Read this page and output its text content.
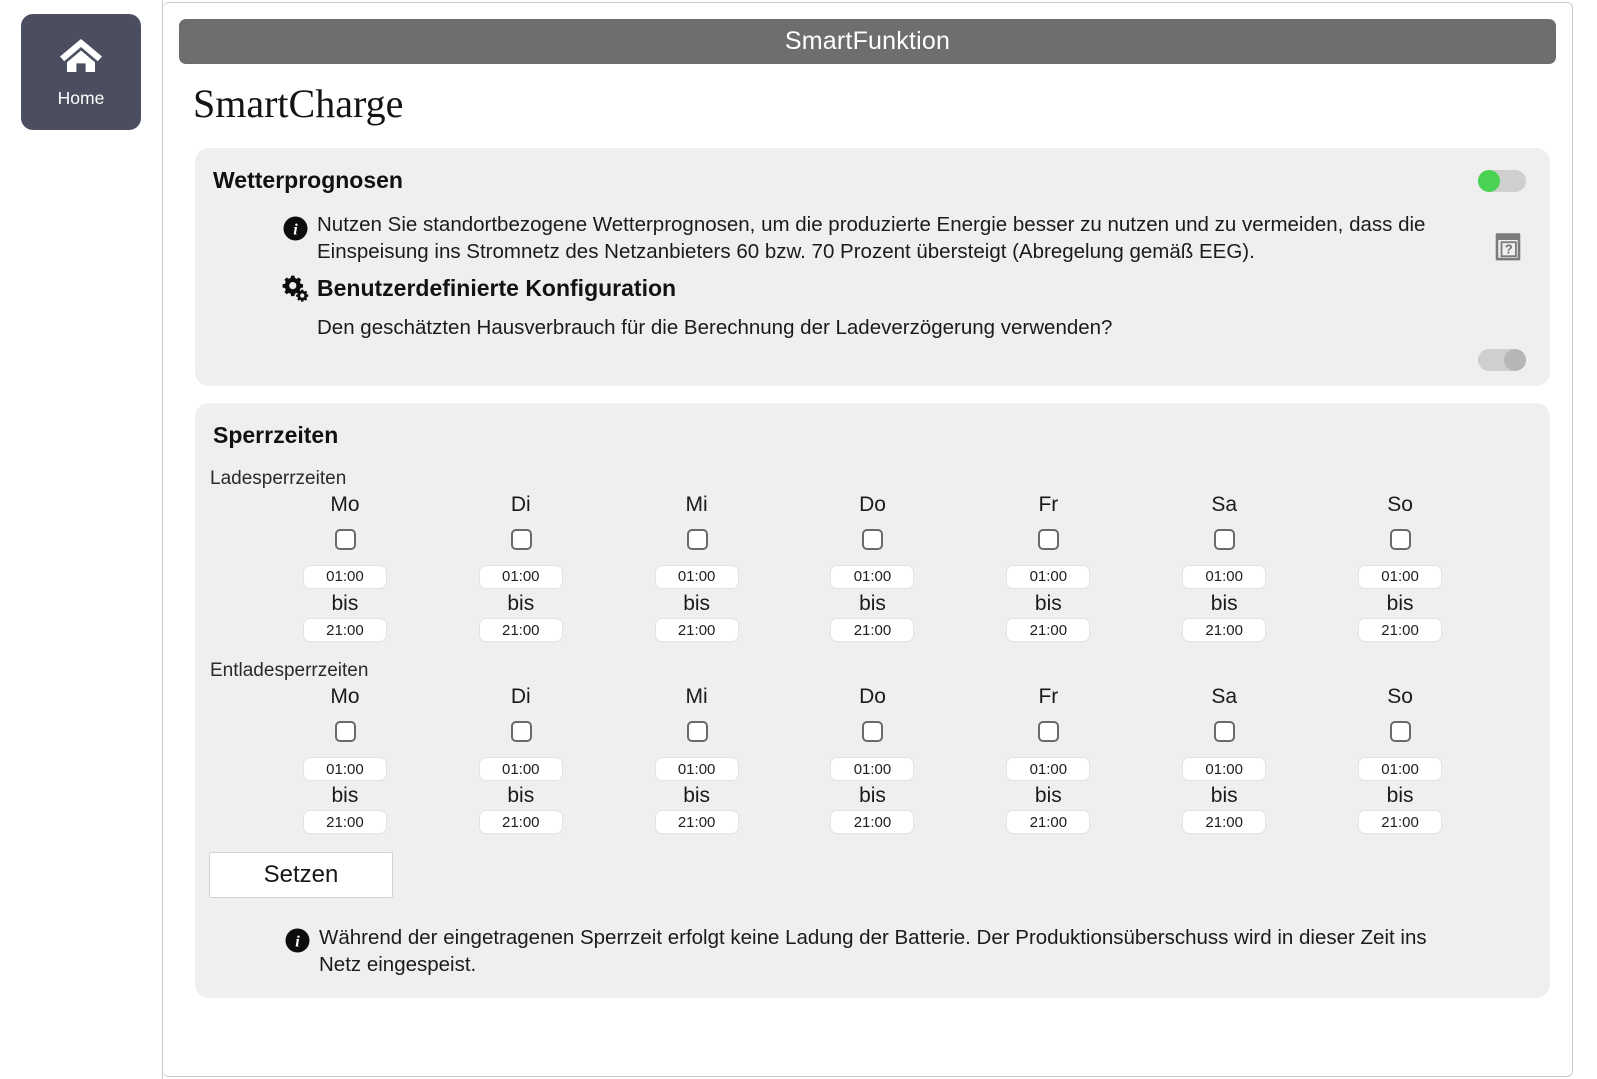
Home
SmartFunktion
SmartCharge
Wetterprognosen
i Nutzen Sie standortbezogene Wetterprognosen, um die produzierte Energie besser zu nutzen und zu vermeiden, dass die Einspeisung ins Stromnetz des Netzanbieters 60 bzw. 70 Prozent übersteigt (Abregelung gemäß EEG).
Benutzerdefinierte Konfiguration
Den geschätzten Hausverbrauch für die Berechnung der Ladeverzögerung verwenden?
?
Sperrzeiten
Ladesperrzeiten
Mo
01:00
bis
21:00
Di
01:00
bis
21:00
Mi
01:00
bis
21:00
Do
01:00
bis
21:00
Fr
01:00
bis
21:00
Sa
01:00
bis
21:00
So
01:00
bis
21:00
Entladesperrzeiten
Mo
01:00
bis
21:00
Di
01:00
bis
21:00
Mi
01:00
bis
21:00
Do
01:00
bis
21:00
Fr
01:00
bis
21:00
Sa
01:00
bis
21:00
So
01:00
bis
21:00
Setzen
i Während der eingetragenen Sperrzeit erfolgt keine Ladung der Batterie. Der Produktionsüberschuss wird in dieser Zeit ins Netz eingespeist.
